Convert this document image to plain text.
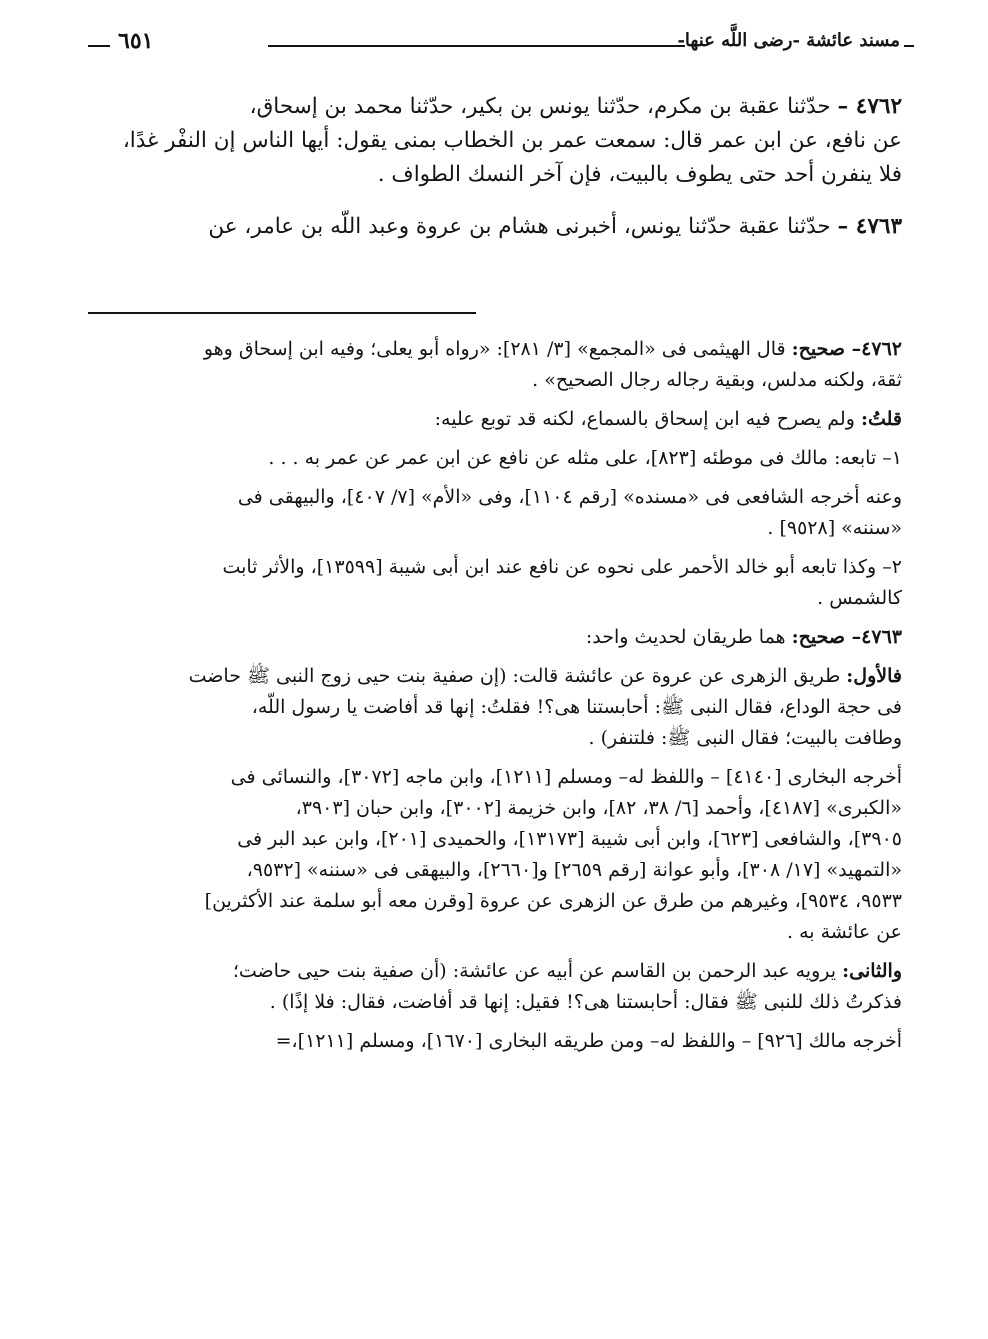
٦٥١	مسند عائشة -رضى اللَّه عنها-
٤٧٦٢ – حدّثنا عقبة بن مكرم، حدّثنا يونس بن بكير، حدّثنا محمد بن إسحاق،
عن نافع، عن ابن عمر قال: سمعت عمر بن الخطاب بمنى يقول: أيها الناس إن النفْر غدًا،
فلا ينفرن أحد حتى يطوف بالبيت، فإن آخر النسك الطواف .
٤٧٦٣ – حدّثنا عقبة حدّثنا يونس، أخبرنى هشام بن عروة وعبد اللَّه بن عامر، عن
٤٧٦٢– صحيح: قال الهيثمى فى «المجمع» [٣/ ٢٨١]: «رواه أبو يعلى؛ وفيه ابن إسحاق وهو
ثقة، ولكنه مدلس، وبقية رجاله رجال الصحيح» .
قلتُ: ولم يصرح فيه ابن إسحاق بالسماع، لكنه قد توبع عليه:
١– تابعه: مالك فى موطئه [٨٢٣]، على مثله عن نافع عن ابن عمر عن عمر به . . .
وعنه أخرجه الشافعى فى «مسنده» [رقم ١١٠٤]، وفى «الأم» [٧/ ٤٠٧]، والبيهقى فى
«سننه» [٩٥٢٨] .
٢– وكذا تابعه أبو خالد الأحمر على نحوه عن نافع عند ابن أبى شيبة [١٣٥٩٩]، والأثر ثابت
كالشمس .
٤٧٦٣– صحيح: هما طريقان لحديث واحد:
فالأول: طريق الزهرى عن عروة عن عائشة قالت: (إن صفية بنت حيى زوج النبى ﷺ حاضت
فى حجة الوداع، فقال النبى ﷺ: أحابستنا هى؟! فقلتُ: إنها قد أفاضت يا رسول اللَّه،
وطافت بالبيت؛ فقال النبى ﷺ: فلتنفر) .
أخرجه البخارى [٤١٤٠] – واللفظ له– ومسلم [١٢١١]، وابن ماجه [٣٠٧٢]، والنسائى فى
«الكبرى» [٤١٨٧]، وأحمد [٦/ ٣٨، ٨٢]، وابن خزيمة [٣٠٠٢]، وابن حبان [٣٩٠٣،
٣٩٠٥]، والشافعى [٦٢٣]، وابن أبى شيبة [١٣١٧٣]، والحميدى [٢٠١]، وابن عبد البر فى
«التمهيد» [١٧/ ٣٠٨]، وأبو عوانة [رقم ٢٦٥٩] و[٢٦٦٠]، والبيهقى فى «سننه» [٩٥٣٢،
٩٥٣٣، ٩٥٣٤]، وغيرهم من طرق عن الزهرى عن عروة [وقرن معه أبو سلمة عند الأكثرين]
عن عائشة به .
والثانى: يرويه عبد الرحمن بن القاسم عن أبيه عن عائشة: (أن صفية بنت حيى حاضت؛
فذكرتُ ذلك للنبى ﷺ فقال: أحابستنا هى؟! فقيل: إنها قد أفاضت، فقال: فلا إذًا) .
أخرجه مالك [٩٢٦] – واللفظ له– ومن طريقه البخارى [١٦٧٠]، ومسلم [١٢١١]،=
